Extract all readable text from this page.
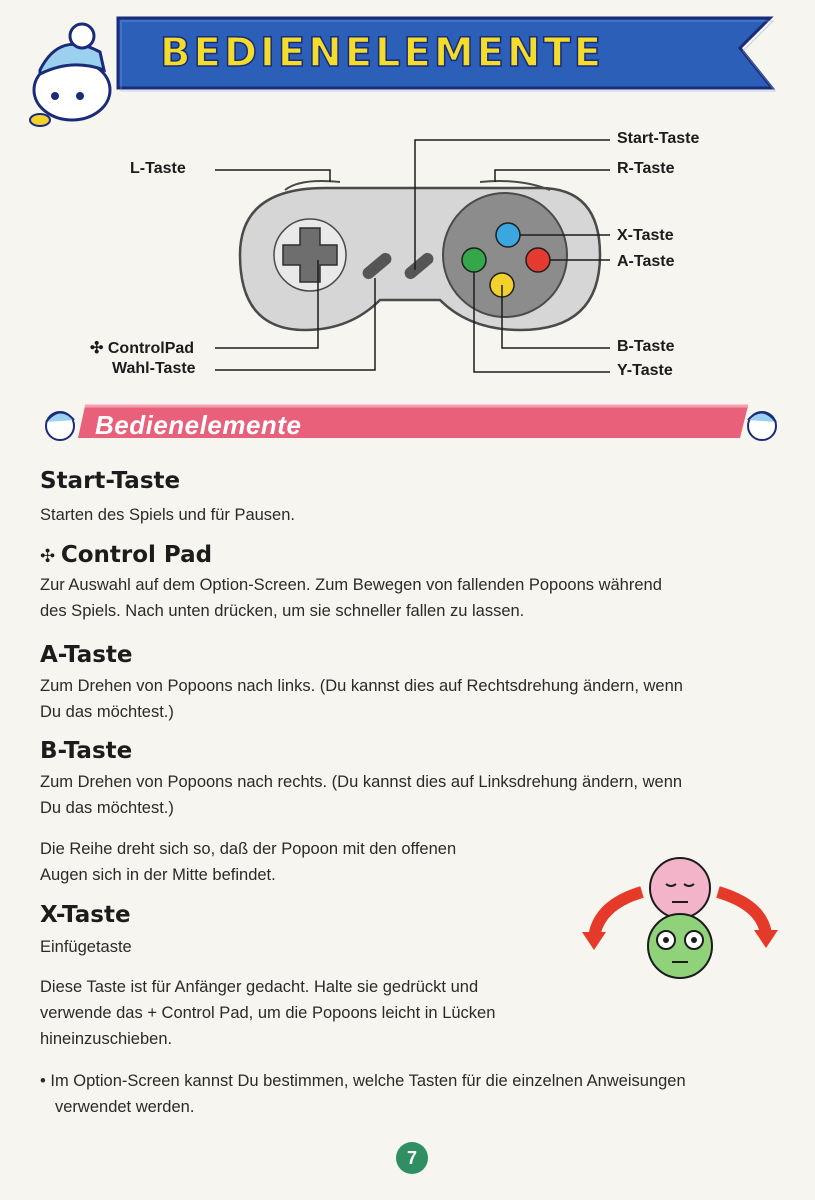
BEDIENELEMENTE
Start-Taste
R-Taste
L-Taste
X-Taste
A-Taste
✣ ControlPad
Wahl-Taste
B-Taste
Y-Taste
Bedienelemente
Start-Taste
Starten des Spiels und für Pausen.
✣ Control Pad
Zur Auswahl auf dem Option-Screen. Zum Bewegen von fallenden Popoons während
des Spiels. Nach unten drücken, um sie schneller fallen zu lassen.
A-Taste
Zum Drehen von Popoons nach links. (Du kannst dies auf Rechtsdrehung ändern, wenn
Du das möchtest.)
B-Taste
Zum Drehen von Popoons nach rechts. (Du kannst dies auf Linksdrehung ändern, wenn
Du das möchtest.)
Die Reihe dreht sich so, daß der Popoon mit den offenen
Augen sich in der Mitte befindet.
X-Taste
Einfügetaste
Diese Taste ist für Anfänger gedacht. Halte sie gedrückt und
verwende das + Control Pad, um die Popoons leicht in Lücken
hineinzuschieben.
• Im Option-Screen kannst Du bestimmen, welche Tasten für die einzelnen Anweisungen
verwendet werden.
7
